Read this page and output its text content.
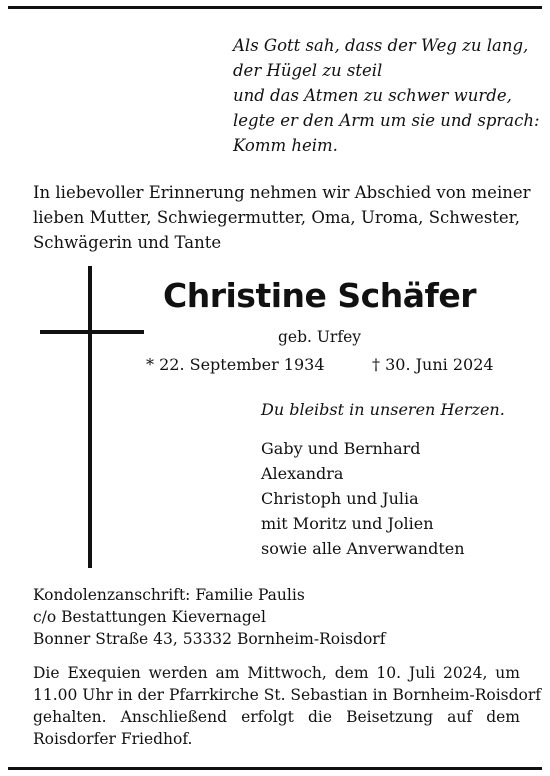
Als Gott sah, dass der Weg zu lang,
der Hügel zu steil
und das Atmen zu schwer wurde,
legte er den Arm um sie und sprach:
Komm heim.
In liebevoller Erinnerung nehmen wir Abschied von meiner
lieben Mutter, Schwiegermutter, Oma, Uroma, Schwester,
Schwägerin und Tante
Christine Schäfer
geb. Urfey
* 22. September 1934	† 30. Juni 2024
Du bleibst in unseren Herzen.
Gaby und Bernhard
Alexandra
Christoph und Julia
mit Moritz und Jolien
sowie alle Anverwandten
Kondolenzanschrift: Familie Paulis
c/o Bestattungen Kievernagel
Bonner Straße 43, 53332 Bornheim-Roisdorf
Die Exequien werden am Mittwoch, dem 10. Juli 2024, um
11.00 Uhr in der Pfarrkirche St. Sebastian in Bornheim-Roisdorf
gehalten. Anschließend erfolgt die Beisetzung auf dem
Roisdorfer Friedhof.
